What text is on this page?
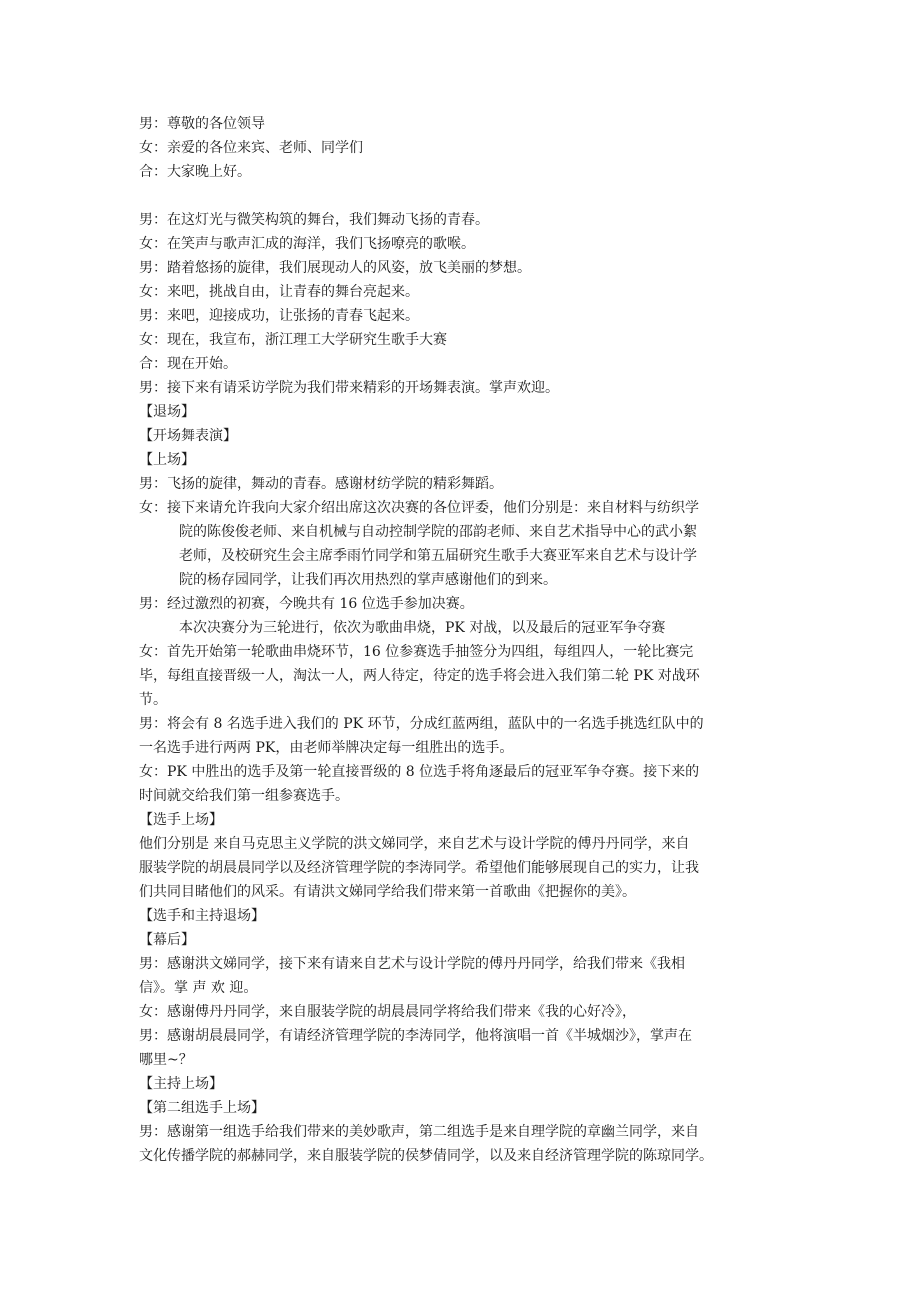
男：尊敬的各位领导
女：亲爱的各位来宾、老师、同学们
合：大家晚上好。
男：在这灯光与微笑构筑的舞台，我们舞动飞扬的青春。
女：在笑声与歌声汇成的海洋，我们飞扬嘹亮的歌喉。
男：踏着悠扬的旋律，我们展现动人的风姿，放飞美丽的梦想。
女：来吧，挑战自由，让青春的舞台亮起来。
男：来吧，迎接成功，让张扬的青春飞起来。
女：现在，我宣布，浙江理工大学研究生歌手大赛
合：现在开始。
男：接下来有请采访学院为我们带来精彩的开场舞表演。掌声欢迎。
【退场】
【开场舞表演】
【上场】
男：飞扬的旋律，舞动的青春。感谢材纺学院的精彩舞蹈。
女：接下来请允许我向大家介绍出席这次决赛的各位评委，他们分别是：来自材料与纺织学
院的陈俊俊老师、来自机械与自动控制学院的邵韵老师、来自艺术指导中心的武小絮
老师，及校研究生会主席季雨竹同学和第五届研究生歌手大赛亚军来自艺术与设计学
院的杨存园同学，让我们再次用热烈的掌声感谢他们的到来。
男：经过激烈的初赛，今晚共有 16 位选手参加决赛。
本次决赛分为三轮进行，依次为歌曲串烧，PK 对战，以及最后的冠亚军争夺赛
女：首先开始第一轮歌曲串烧环节，16 位参赛选手抽签分为四组，每组四人，一轮比赛完
毕，每组直接晋级一人，淘汰一人，两人待定，待定的选手将会进入我们第二轮 PK 对战环
节。
男：将会有 8 名选手进入我们的 PK 环节，分成红蓝两组，蓝队中的一名选手挑选红队中的
一名选手进行两两 PK，由老师举牌决定每一组胜出的选手。
女：PK 中胜出的选手及第一轮直接晋级的 8 位选手将角逐最后的冠亚军争夺赛。接下来的
时间就交给我们第一组参赛选手。
【选手上场】
他们分别是 来自马克思主义学院的洪文娣同学，来自艺术与设计学院的傅丹丹同学，来自
服装学院的胡晨晨同学以及经济管理学院的李涛同学。希望他们能够展现自己的实力，让我
们共同目睹他们的风采。有请洪文娣同学给我们带来第一首歌曲《把握你的美》。
【选手和主持退场】
【幕后】
男：感谢洪文娣同学，接下来有请来自艺术与设计学院的傅丹丹同学，给我们带来《我相
信》。掌 声 欢 迎。
女：感谢傅丹丹同学，来自服装学院的胡晨晨同学将给我们带来《我的心好冷》，
男：感谢胡晨晨同学，有请经济管理学院的李涛同学，他将演唱一首《半城烟沙》，掌声在
哪里~？
【主持上场】
【第二组选手上场】
男：感谢第一组选手给我们带来的美妙歌声，第二组选手是来自理学院的章幽兰同学，来自
文化传播学院的郝赫同学，来自服装学院的侯梦倩同学，以及来自经济管理学院的陈琼同学。
